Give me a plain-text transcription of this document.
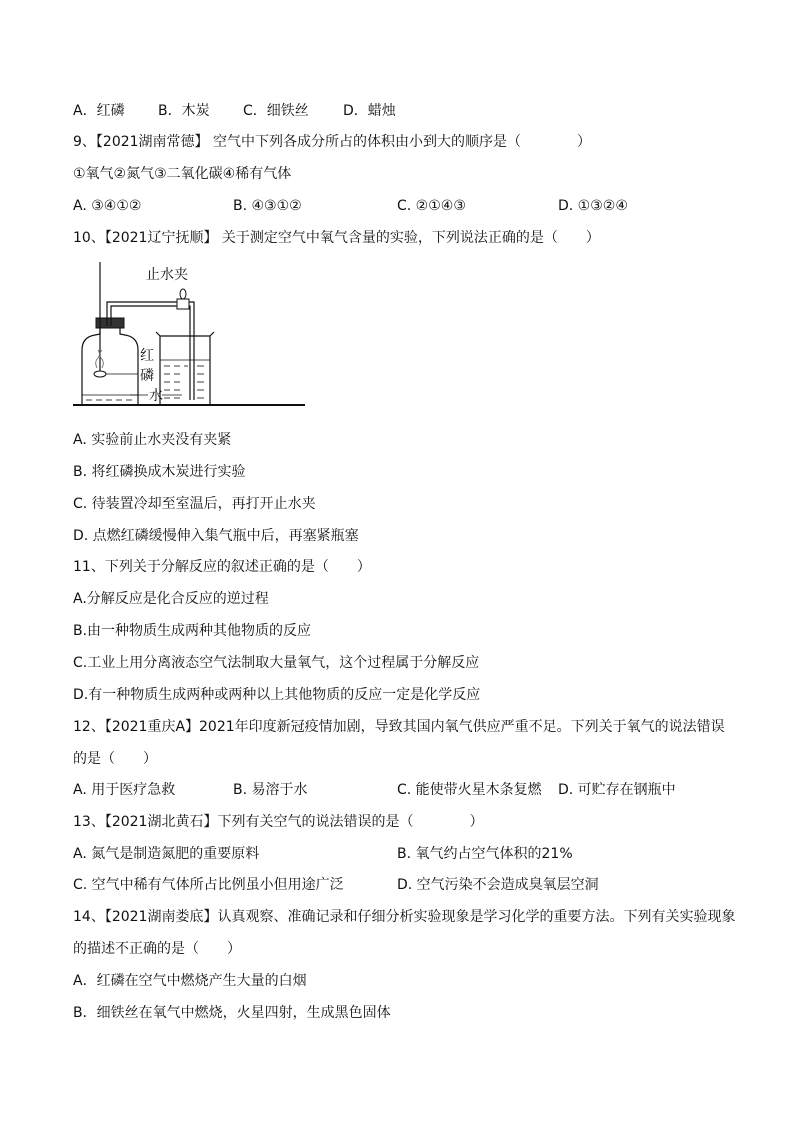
A．红磷 B．木炭 C．细铁丝 D．蜡烛
9、【2021湖南常德】 空气中下列各成分所占的体积由小到大的顺序是（　　　　）
①氧气②氮气③二氧化碳④稀有气体
A. ③④①②	B. ④③①②	C. ②①④③	D. ①③②④
10、【2021辽宁抚顺】 关于测定空气中氧气含量的实验，下列说法正确的是（　　）
止水夹
红
磷
水
A. 实验前止水夹没有夹紧
B. 将红磷换成木炭进行实验
C. 待装置冷却至室温后，再打开止水夹
D. 点燃红磷缓慢伸入集气瓶中后，再塞紧瓶塞
11、下列关于分解反应的叙述正确的是（　　）
A.分解反应是化合反应的逆过程
B.由一种物质生成两种其他物质的反应
C.工业上用分离液态空气法制取大量氧气，这个过程属于分解反应
D.有一种物质生成两种或两种以上其他物质的反应一定是化学反应
12、【2021重庆A】2021年印度新冠疫情加剧，导致其国内氧气供应严重不足。下列关于氧气的说法错误
的是（　　）
A. 用于医疗急救	B. 易溶于水	C. 能使带火星木条复燃 D. 可贮存在钢瓶中
13、【2021湖北黄石】下列有关空气的说法错误的是（　　　　）
A. 氮气是制造氮肥的重要原料	B. 氧气约占空气体积的21%
C. 空气中稀有气体所占比例虽小但用途广泛	D. 空气污染不会造成臭氧层空洞
14、【2021湖南娄底】认真观察、准确记录和仔细分析实验现象是学习化学的重要方法。下列有关实验现象
的描述不正确的是（　　）
A．红磷在空气中燃烧产生大量的白烟
B．细铁丝在氧气中燃烧，火星四射，生成黑色固体
